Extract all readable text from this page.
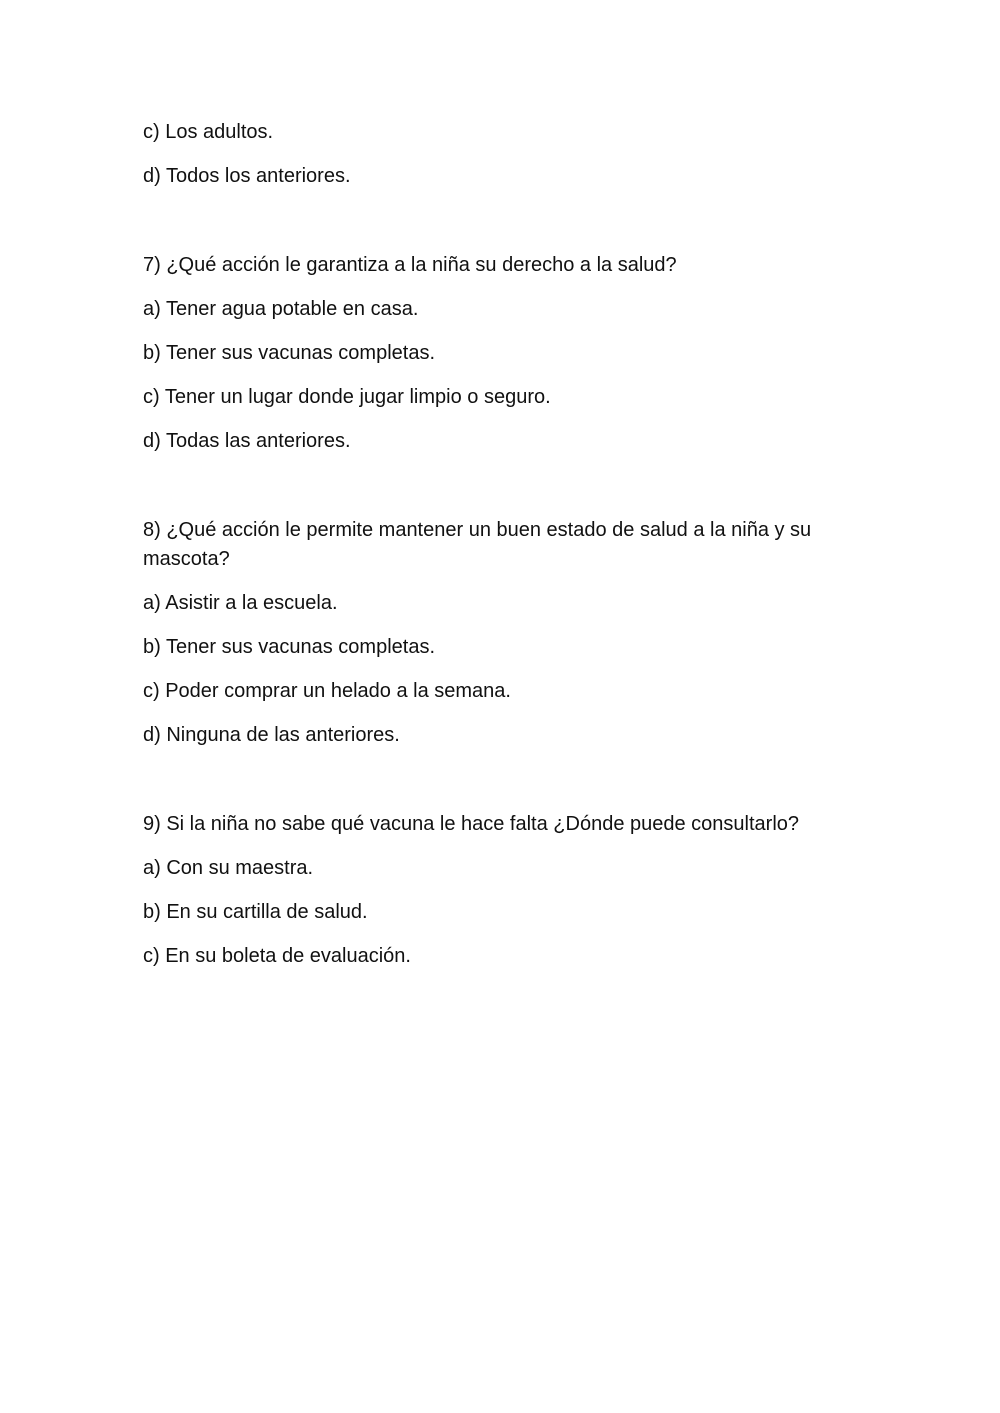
c) Los adultos.

d) Todos los anteriores.

7) ¿Qué acción le garantiza a la niña su derecho a la salud?

a) Tener agua potable en casa.

b) Tener sus vacunas completas.

c) Tener un lugar donde jugar limpio o seguro.

d) Todas las anteriores.

8) ¿Qué acción le permite mantener un buen estado de salud a la niña y su mascota?

a) Asistir a la escuela.

b) Tener sus vacunas completas.

c) Poder comprar un helado a la semana.

d) Ninguna de las anteriores.

9) Si la niña no sabe qué vacuna le hace falta ¿Dónde puede consultarlo?

a) Con su maestra.

b) En su cartilla de salud.

c) En su boleta de evaluación.
